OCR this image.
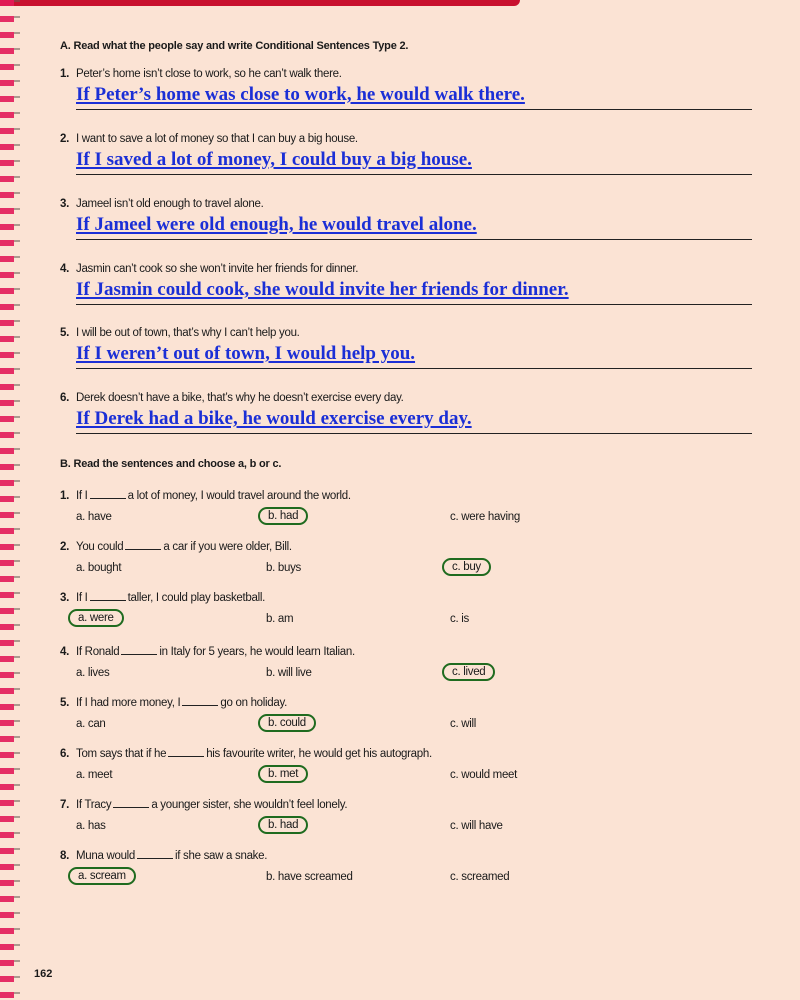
A. Read what the people say and write Conditional Sentences Type 2.
1. Peter’s home isn’t close to work, so he can’t walk there.
If Peter’s home was close to work, he would walk there.
2. I want to save a lot of money so that I can buy a big house.
If I saved a lot of money, I could buy a big house.
3. Jameel isn’t old enough to travel alone.
If Jameel were old enough, he would travel alone.
4. Jasmin can’t cook so she won’t invite her friends for dinner.
If Jasmin could cook, she would invite her friends for dinner.
5. I will be out of town, that’s why I can’t help you.
If I weren’t out of town, I would help you.
6. Derek doesn’t have a bike, that’s why he doesn’t exercise every day.
If Derek had a bike, he would exercise every day.
B. Read the sentences and choose a, b or c.
1. If I	a lot of money, I would travel around the world.
a. have	b. had	c. were having
2. You could	a car if you were older, Bill.
a. bought	b. buys	c. buy
3. If I	taller, I could play basketball.
a. were	b. am	c. is
4. If Ronald	in Italy for 5 years, he would learn Italian.
a. lives	b. will live	c. lived
5. If I had more money, I	go on holiday.
a. can	b. could	c. will
6. Tom says that if he	his favourite writer, he would get his autograph.
a. meet	b. met	c. would meet
7. If Tracy	a younger sister, she wouldn’t feel lonely.
a. has	b. had	c. will have
8. Muna would	if she saw a snake.
a. scream	b. have screamed	c. screamed
162
